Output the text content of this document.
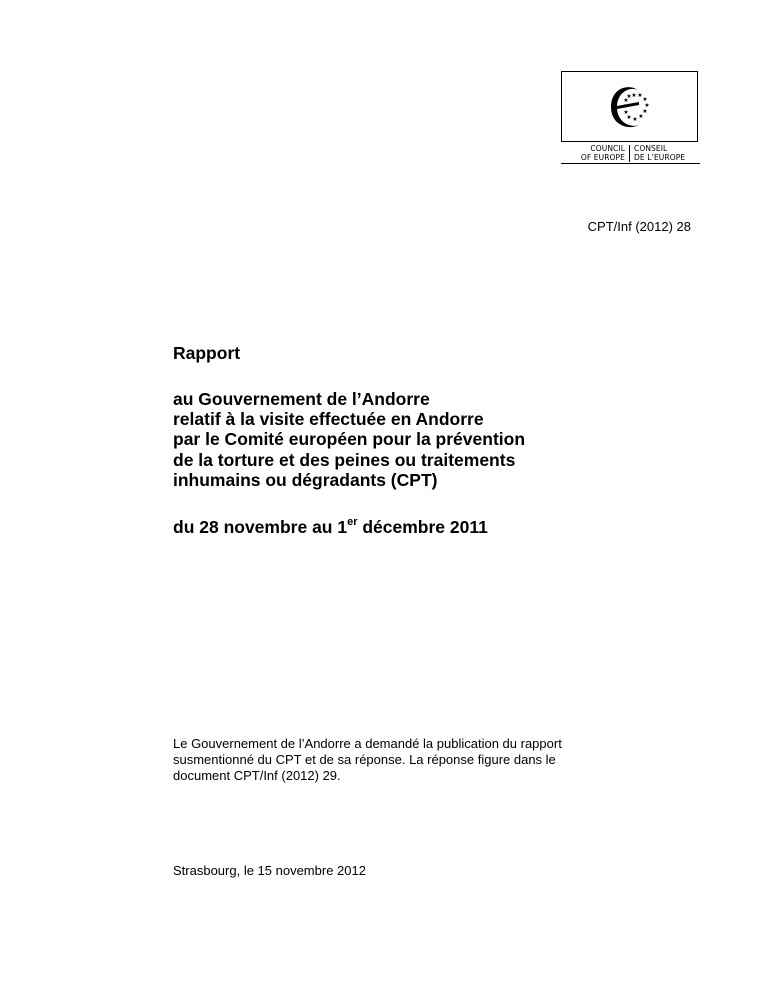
★ ★
★
★
★
★
★
★
★
★
★
★
COUNCIL
OF EUROPE
CONSEIL
DE L’EUROPE
CPT/Inf (2012) 28
Rapport
au Gouvernement de l’Andorre
relatif à la visite effectuée en Andorre
par le Comité européen pour la prévention
de la torture et des peines ou traitements
inhumains ou dégradants (CPT)
du 28 novembre au 1er décembre 2011
Le Gouvernement de l’Andorre a demandé la publication du rapport
susmentionné du CPT et de sa réponse. La réponse figure dans le
document CPT/Inf (2012) 29.
Strasbourg, le 15 novembre 2012
